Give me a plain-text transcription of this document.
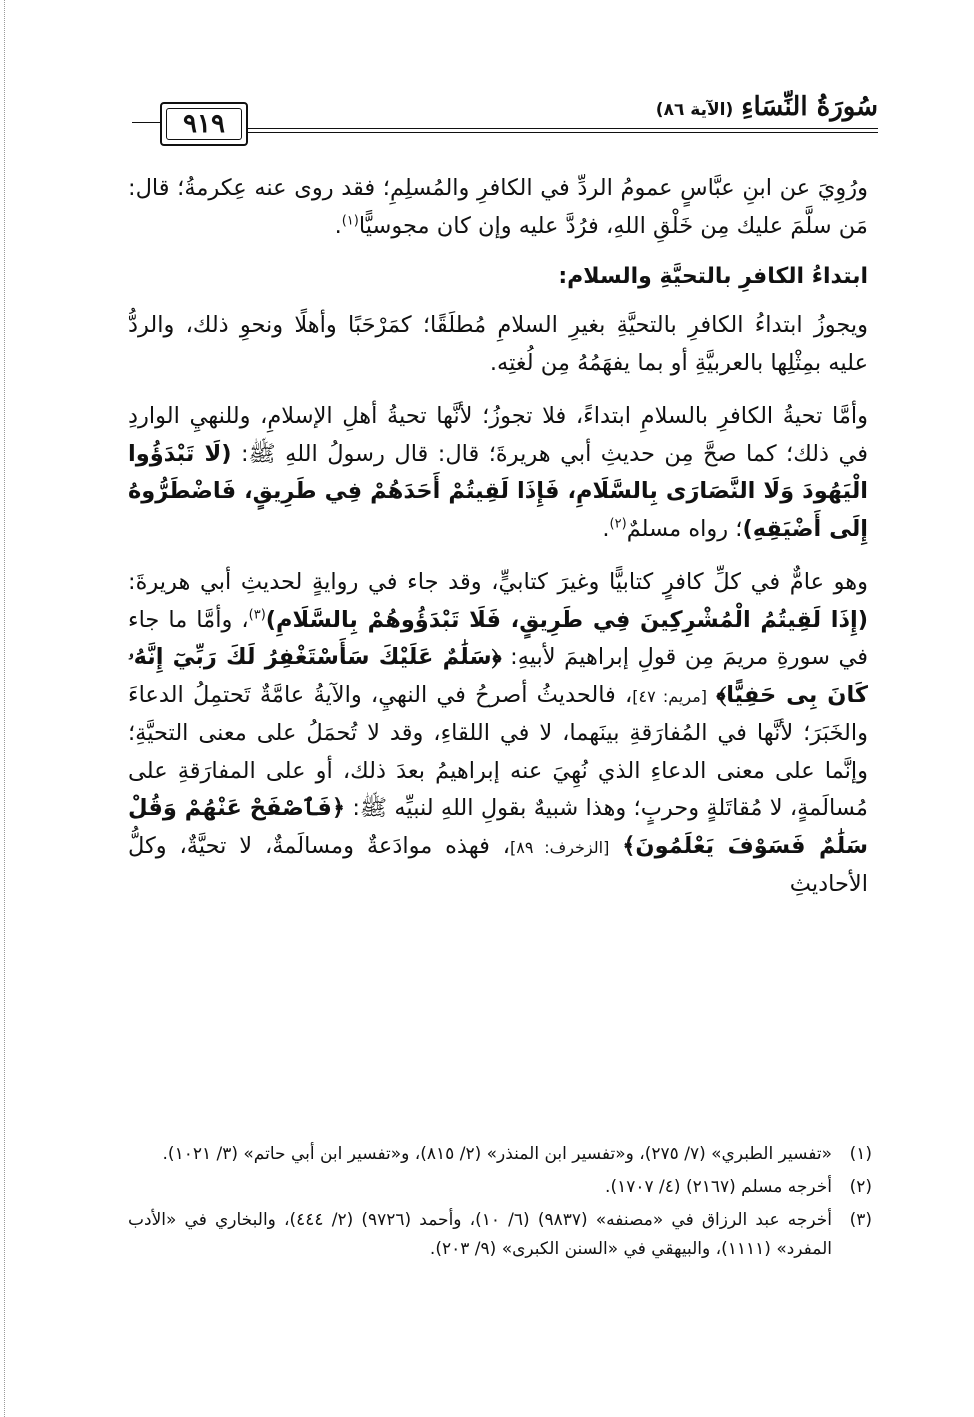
٩١٩
سُورَةُ النِّسَاءِ
(الآية ٨٦)

ورُوِيَ عن ابنِ عبَّاسٍ عمومُ الردِّ في الكافرِ والمُسلِمِ؛ فقد روى عنه عِكرمةُ؛ قال: مَن سلَّمَ عليك مِن خَلْقِ اللهِ، فرُدَّ عليه وإن كان مجوسيًّا$^{(١)}$.

ابتداءُ الكافرِ بالتحيَّةِ والسلام:

ويجوزُ ابتداءُ الكافرِ بالتحيَّةِ بغيرِ السلامِ مُطلَقًا؛ كمَرْحَبًا وأهلًا ونحوِ ذلك، والردُّ عليه بمِثْلِها بالعربيَّةِ أو بما يفهَمُهُ مِن لُغتِه.

وأمَّا تحيةُ الكافرِ بالسلامِ ابتداءً، فلا تجوزُ؛ لأنَّها تحيةُ أهلِ الإسلامِ، وللنهيِ الواردِ في ذلك؛ كما صحَّ مِن حديثِ أبي هريرةَ؛ قال: قال رسولُ اللهِ ﷺ: (لَا تَبْدَؤُوا الْيَهُودَ وَلَا النَّصَارَى بِالسَّلَامِ، فَإِذَا لَقِيتُمْ أَحَدَهُمْ فِي طَرِيقٍ، فَاضْطَرُّوهُ إِلَى أَضْيَقِهِ)؛ رواه مسلمٌ$^{(٢)}$.

وهو عامٌّ في كلِّ كافرٍ كتابيًّا وغيرَ كتابيٍّ، وقد جاء في روايةٍ لحديثِ أبي هريرةَ: (إِذَا لَقِيتُمُ الْمُشْرِكِينَ فِي طَرِيقٍ، فَلَا تَبْدَؤُوهُمْ بِالسَّلَامِ)$^{(٣)}$، وأمَّا ما جاء في سورةِ مريمَ مِن قولِ إبراهيمَ لأبيهِ: ﴿سَلَٰمٌ عَلَيْكَ سَأَسْتَغْفِرُ لَكَ رَبِّيٓ إِنَّهُۥ كَانَ بِى حَفِيًّا﴾ [مريم: ٤٧]، فالحديثُ أصرحُ في النهيِ، والآيةُ عامَّةٌ تَحتمِلُ الدعاءَ والخَبَرَ؛ لأنَّها في المُفارَقةِ بينَهما، لا في اللقاءِ، وقد لا تُحمَلُ على معنى التحيَّةِ؛ وإنَّما على معنى الدعاءِ الذي نُهِيَ عنه إبراهيمُ بعدَ ذلك، أو على المفارَقةِ على مُسالَمةٍ، لا مُقاتَلةٍ وحربٍ؛ وهذا شبيهٌ بقولِ اللهِ لنبيِّه ﷺ: ﴿فَٱصْفَحْ عَنْهُمْ وَقُلْ سَلَٰمٌ فَسَوْفَ يَعْلَمُونَ﴾ [الزخرف: ٨٩]، فهذه موادَعةٌ ومسالَمةٌ، لا تحيَّةٌ، وكلُّ الأحاديثِ

(١)
«تفسير الطبري» (٧/ ٢٧٥)، و«تفسير ابن المنذر» (٢/ ٨١٥)، و«تفسير ابن أبي حاتم» (٣/ ١٠٢١).

(٢)
أخرجه مسلم (٢١٦٧) (٤/ ١٧٠٧).

(٣)
أخرجه عبد الرزاق في «مصنفه» (٩٨٣٧) (٦/ ١٠)، وأحمد (٩٧٢٦) (٢/ ٤٤٤)، والبخاري في «الأدب المفرد» (١١١١)، والبيهقي في «السنن الكبرى» (٩/ ٢٠٣).
